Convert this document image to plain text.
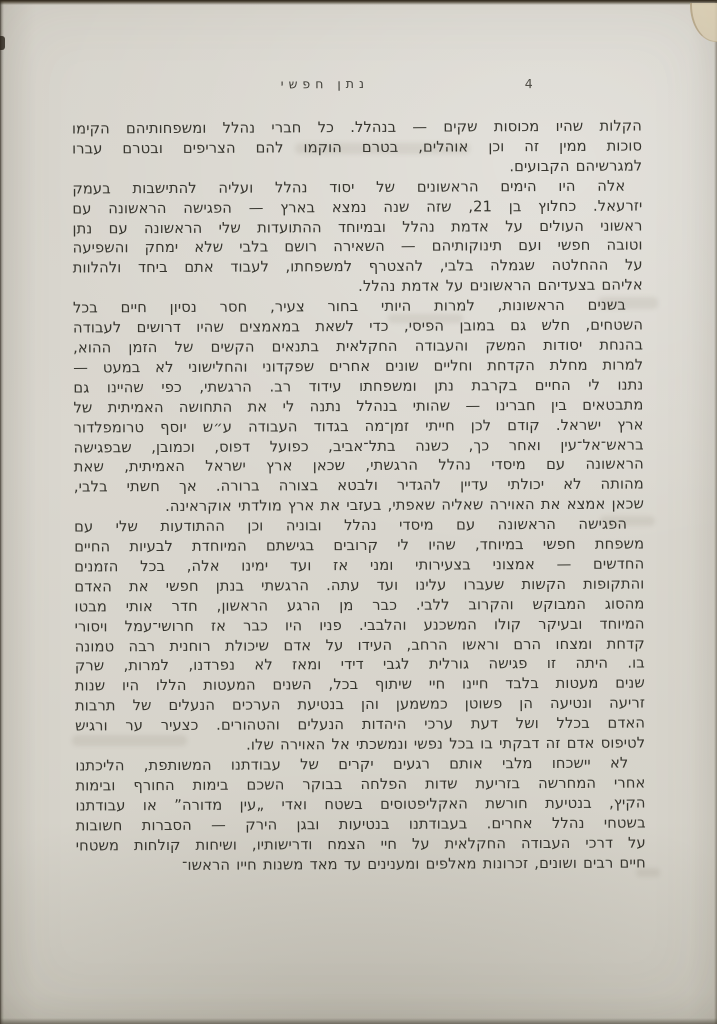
נתן חפשי	4
הקלות שהיו מכוסות שקים — בנהלל. כל חברי נהלל ומשפחותיהם הקימו
סוכות ממין זה וכן אוהלים, בטרם הוקמו להם הצריפים ובטרם עברו
למגרשיהם הקבועים.
אלה היו הימים הראשונים של יסוד נהלל ועליה להתישבות בעמק
יזרעאל. כחלוץ בן 21, שזה שנה נמצא בארץ — הפגישה הראשונה עם
ראשוני העולים על אדמת נהלל ובמיוחד ההתועדות שלי הראשונה עם נתן
וטובה חפשי ועם תינוקותיהם — השאירה רושם בלבי שלא ימחק והשפיעה
על ההחלטה שגמלה בלבי, להצטרף למשפחתו, לעבוד אתם ביחד ולהלוות
אליהם בצעדיהם הראשונים על אדמת נהלל.
בשנים הראשונות, למרות היותי בחור צעיר, חסר נסיון חיים בכל
השטחים, חלש גם במובן הפיסי, כדי לשאת במאמצים שהיו דרושים לעבודה
בהנחת יסודות המשק והעבודה החקלאית בתנאים הקשים של הזמן ההוא,
למרות מחלת הקדחת וחליים שונים אחרים שפקדוני והחלישוני לא במעט —
נתנו לי החיים בקרבת נתן ומשפחתו עידוד רב. הרגשתי, כפי שהיינו גם
מתבטאים בין חברינו — שהותי בנהלל נתנה לי את התחושה האמיתית של
ארץ ישראל. קודם לכן חייתי זמן־מה בגדוד העבודה ע״ש יוסף טרומפלדור
בראש־אל־עין ואחר כך, כשנה בתל־אביב, כפועל דפוס, וכמובן, שבפגישה
הראשונה עם מיסדי נהלל הרגשתי, שכאן ארץ ישראל האמיתית, שאת
מהותה לא יכולתי עדיין להגדיר ולבטא בצורה ברורה. אך חשתי בלבי,
שכאן אמצא את האוירה שאליה שאפתי, בעזבי את ארץ מולדתי אוקראינה.
הפגישה הראשונה עם מיסדי נהלל ובוניה וכן ההתודעות שלי עם
משפחת חפשי במיוחד, שהיו לי קרובים בגישתם המיוחדת לבעיות החיים
החדשים — אמצוני בצעירותי ומני אז ועד ימינו אלה, בכל הזמנים
והתקופות הקשות שעברו עלינו ועד עתה. הרגשתי בנתן חפשי את האדם
מהסוג המבוקש והקרוב ללבי. כבר מן הרגע הראשון, חדר אותי מבטו
המיוחד ובעיקר קולו המשכנע והלבבי. פניו היו כבר אז חרושי־עמל ויסורי
קדחת ומצחו הרם וראשו הרחב, העידו על אדם שיכולת רוחנית רבה טמונה
בו. היתה זו פגישה גורלית לגבי דידי ומאז לא נפרדנו, למרות, שרק
שנים מעטות בלבד חיינו חיי שיתוף בכל, השנים המעטות הללו היו שנות
זריעה ונטיעה הן פשוטן כמשמען והן בנטיעת הערכים הנעלים של תרבות
האדם בכלל ושל דעת ערכי היהדות הנעלים והטהורים. כצעיר ער ורגיש
לטיפוס אדם זה דבקתי בו בכל נפשי ונמשכתי אל האוירה שלו.
לא יישכחו מלבי אותם רגעים יקרים של עבודתנו המשותפת, הליכתנו
אחרי המחרשה בזריעת שדות הפלחה בבוקר השכם בימות החורף ובימות
הקיץ, בנטיעת חורשת האקליפטוסים בשטח ואדי „עין מדורה” או עבודתנו
בשטחי נהלל אחרים. בעבודתנו בנטיעות ובגן הירק — הסברות חשובות
על דרכי העבודה החקלאית על חיי הצמח ודרישותיו, ושיחות קולחות משטחי
חיים רבים ושונים, זכרונות מאלפים ומענינים עד מאד משנות חייו הראשו־
